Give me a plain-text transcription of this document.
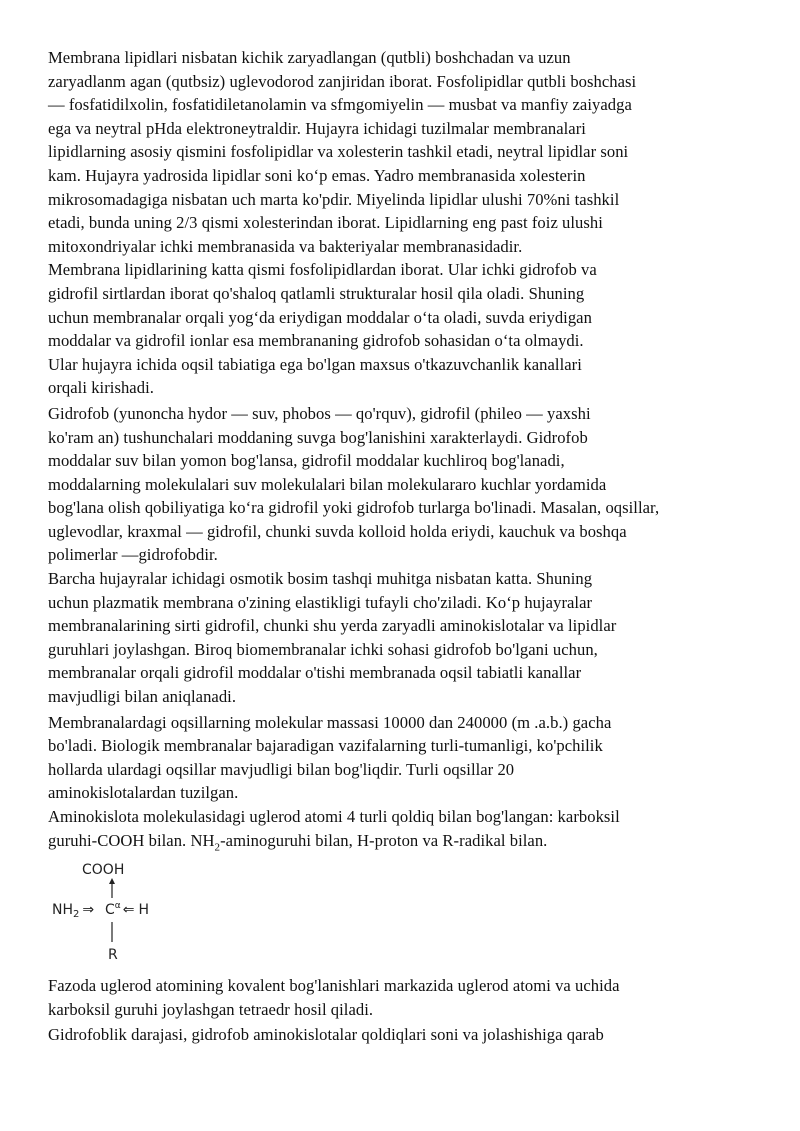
Membrana lipidlari nisbatan kichik zaryadlangan (qutbli) boshchadan va uzun
zaryadlanm agan (qutbsiz) uglevodorod zanjiridan iborat. Fosfolipidlar qutbli boshchasi
— fosfatidilxolin, fosfatidiletanolamin va sfmgomiyelin — musbat va manfiy zaiyadga
ega va neytral pHda elektroneytraldir. Hujayra ichidagi tuzilmalar membranalari
lipidlarning asosiy qismini fosfolipidlar va xolesterin tashkil etadi, neytral lipidlar soni
kam. Hujayra yadrosida lipidlar soni ko‘p emas. Yadro membranasida xolesterin
mikrosomadagiga nisbatan uch marta ko'pdir. Miyelinda lipidlar ulushi 70%ni tashkil
etadi, bunda uning 2/3 qismi xolesterindan iborat. Lipidlarning eng past foiz ulushi
mitoxondriyalar ichki membranasida va bakteriyalar membranasidadir.
Membrana lipidlarining katta qismi fosfolipidlardan iborat. Ular ichki gidrofob va
gidrofil sirtlardan iborat qo'shaloq qatlamli strukturalar hosil qila oladi. Shuning
uchun membranalar orqali yog‘da eriydigan moddalar o‘ta oladi, suvda eriydigan
moddalar va gidrofil ionlar esa membrananing gidrofob sohasidan o‘ta olmaydi.
Ular hujayra ichida oqsil tabiatiga ega bo'lgan maxsus o'tkazuvchanlik kanallari
orqali kirishadi.
Gidrofob (yunoncha hydor — suv, phobos — qo'rquv), gidrofil (phileo — yaxshi
ko'ram an) tushunchalari moddaning suvga bog'lanishini xarakterlaydi. Gidrofob
moddalar suv bilan yomon bog'lansa, gidrofil moddalar kuchliroq bog'lanadi,
moddalarning molekulalari suv molekulalari bilan molekulararo kuchlar yordamida
bog'lana olish qobiliyatiga ko‘ra gidrofil yoki gidrofob turlarga bo'linadi. Masalan, oqsillar,
uglevodlar, kraxmal — gidrofil, chunki suvda kolloid holda eriydi, kauchuk va boshqa
polimerlar —gidrofobdir.
Barcha hujayralar ichidagi osmotik bosim tashqi muhitga nisbatan katta. Shuning
uchun plazmatik membrana o'zining elastikligi tufayli cho'ziladi. Ko‘p hujayralar
membranalarining sirti gidrofil, chunki shu yerda zaryadli aminokislotalar va lipidlar
guruhlari joylashgan. Biroq biomembranalar ichki sohasi gidrofob bo'lgani uchun,
membranalar orqali gidrofil moddalar o'tishi membranada oqsil tabiatli kanallar
mavjudligi bilan aniqlanadi.
Membranalardagi oqsillarning molekular massasi 10000 dan 240000 (m .a.b.) gacha
bo'ladi. Biologik membranalar bajaradigan vazifalarning turli-tumanligi, ko'pchilik
hollarda ulardagi oqsillar mavjudligi bilan bog'liqdir. Turli oqsillar 20
aminokislotalardan tuzilgan.
Aminokislota molekulasidagi uglerod atomi 4 turli qoldiq bilan bog'langan: karboksil
guruhi-COOH bilan. $NH_2$-aminoguruhi bilan, H-proton va R-radikal bilan.
COOH
$NH_2$ ⇒ $C^\alpha$ ⇐ H
R
Fazoda uglerod atomining kovalent bog'lanishlari markazida uglerod atomi va uchida
karboksil guruhi joylashgan tetraedr hosil qiladi.
Gidrofoblik darajasi, gidrofob aminokislotalar qoldiqlari soni va jolashishiga qarab
